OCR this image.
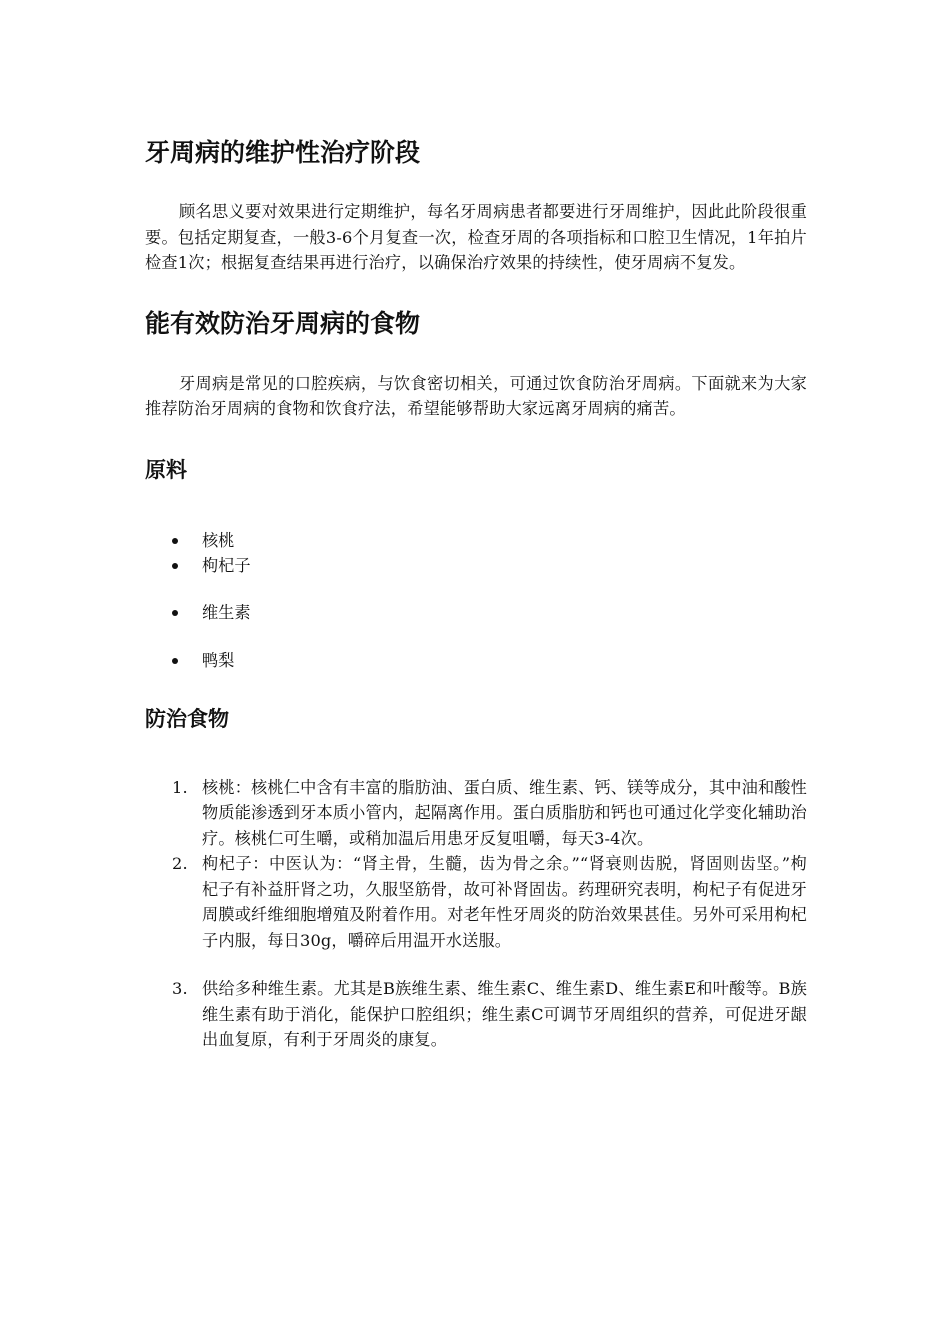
牙周病的维护性治疗阶段

顾名思义要对效果进行定期维护，每名牙周病患者都要进行牙周维护，因此此阶段很重要。包括定期复查，一般3-6个月复查一次，检查牙周的各项指标和口腔卫生情况，1年拍片检查1次；根据复查结果再进行治疗，以确保治疗效果的持续性，使牙周病不复发。

能有效防治牙周病的食物

牙周病是常见的口腔疾病，与饮食密切相关，可通过饮食防治牙周病。下面就来为大家推荐防治牙周病的食物和饮食疗法，希望能够帮助大家远离牙周病的痛苦。

原料
核桃
枸杞子
维生素
鸭梨
防治食物
1. 核桃：核桃仁中含有丰富的脂肪油、蛋白质、维生素、钙、镁等成分，其中油和酸性物质能渗透到牙本质小管内，起隔离作用。蛋白质脂肪和钙也可通过化学变化辅助治疗。核桃仁可生嚼，或稍加温后用患牙反复咀嚼，每天3-4次。
2. 枸杞子：中医认为：“肾主骨，生髓，齿为骨之余。”“肾衰则齿脱，肾固则齿坚。”枸杞子有补益肝肾之功，久服坚筋骨，故可补肾固齿。药理研究表明，枸杞子有促进牙周膜或纤维细胞增殖及附着作用。对老年性牙周炎的防治效果甚佳。另外可采用枸杞子内服，每日30g，嚼碎后用温开水送服。
3. 供给多种维生素。尤其是B族维生素、维生素C、维生素D、维生素E和叶酸等。B族维生素有助于消化，能保护口腔组织；维生素C可调节牙周组织的营养，可促进牙龈出血复原，有利于牙周炎的康复。
